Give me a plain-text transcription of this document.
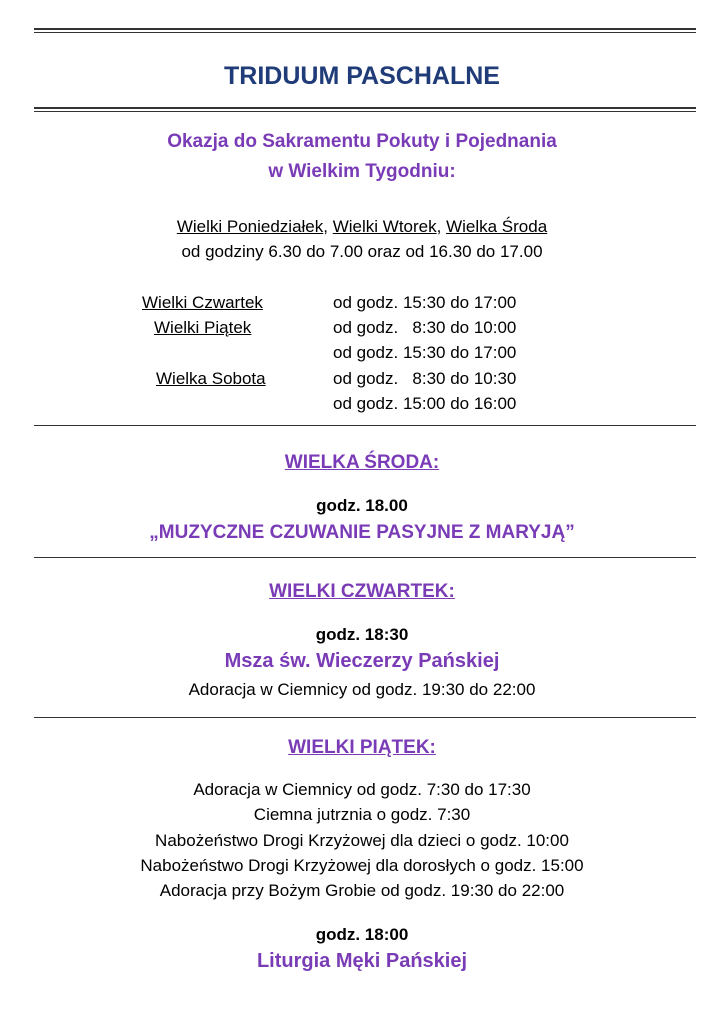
TRIDUUM PASCHALNE
Okazja do Sakramentu Pokuty i Pojednania
w Wielkim Tygodniu:
Wielki Poniedziałek, Wielki Wtorek, Wielka Środa
od godziny 6.30 do 7.00 oraz od 16.30 do 17.00
Wielki Czwartek	od godz. 15:30 do 17:00
Wielki Piątek	od godz.   8:30 do 10:00
od godz. 15:30 do 17:00
Wielka Sobota	od godz.   8:30 do 10:30
od godz. 15:00 do 16:00
WIELKA ŚRODA:
godz. 18.00
„MUZYCZNE CZUWANIE PASYJNE Z MARYJĄ”
WIELKI CZWARTEK:
godz. 18:30
Msza św. Wieczerzy Pańskiej
Adoracja w Ciemnicy od godz. 19:30 do 22:00
WIELKI PIĄTEK:
Adoracja w Ciemnicy od godz. 7:30 do 17:30
Ciemna jutrznia o godz. 7:30
Nabożeństwo Drogi Krzyżowej dla dzieci o godz. 10:00
Nabożeństwo Drogi Krzyżowej dla dorosłych o godz. 15:00
Adoracja przy Bożym Grobie od godz. 19:30 do 22:00
godz. 18:00
Liturgia Męki Pańskiej
